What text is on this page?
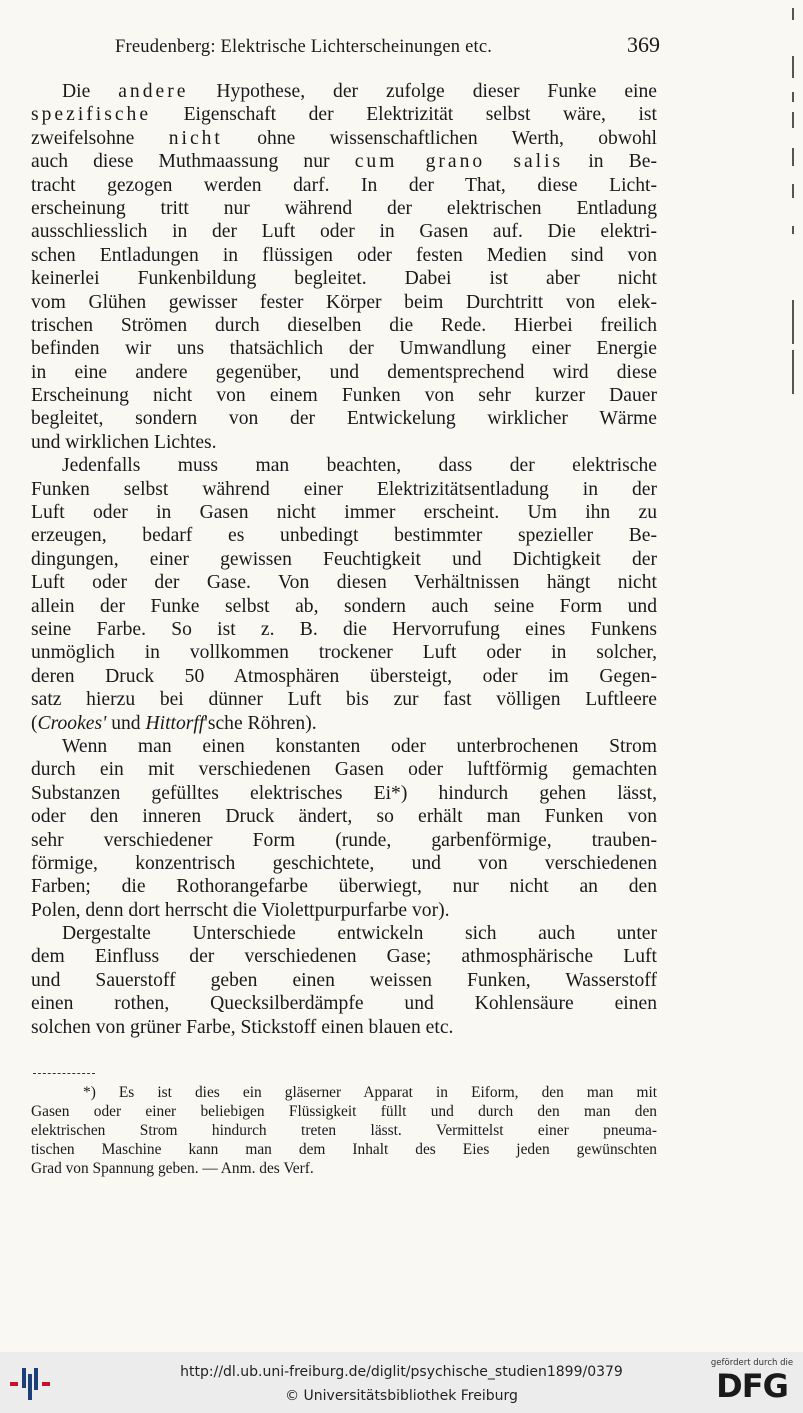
Freudenberg: Elektrische Lichterscheinungen etc.	369
Die andere Hypothese, der zufolge dieser Funke eine
spezifische Eigenschaft der Elektrizität selbst wäre, ist
zweifelsohne nicht ohne wissenschaftlichen Werth, obwohl
auch diese Muthmaassung nur cum grano salis in Be-
tracht gezogen werden darf. In der That, diese Licht-
erscheinung tritt nur während der elektrischen Entladung
ausschliesslich in der Luft oder in Gasen auf. Die elektri-
schen Entladungen in flüssigen oder festen Medien sind von
keinerlei Funkenbildung begleitet. Dabei ist aber nicht
vom Glühen gewisser fester Körper beim Durchtritt von elek-
trischen Strömen durch dieselben die Rede. Hierbei freilich
befinden wir uns thatsächlich der Umwandlung einer Energie
in eine andere gegenüber, und dementsprechend wird diese
Erscheinung nicht von einem Funken von sehr kurzer Dauer
begleitet, sondern von der Entwickelung wirklicher Wärme
und wirklichen Lichtes.
Jedenfalls muss man beachten, dass der elektrische
Funken selbst während einer Elektrizitätsentladung in der
Luft oder in Gasen nicht immer erscheint. Um ihn zu
erzeugen, bedarf es unbedingt bestimmter spezieller Be-
dingungen, einer gewissen Feuchtigkeit und Dichtigkeit der
Luft oder der Gase. Von diesen Verhältnissen hängt nicht
allein der Funke selbst ab, sondern auch seine Form und
seine Farbe. So ist z. B. die Hervorrufung eines Funkens
unmöglich in vollkommen trockener Luft oder in solcher,
deren Druck 50 Atmosphären übersteigt, oder im Gegen-
satz hierzu bei dünner Luft bis zur fast völligen Luftleere
(Crookes' und Hittorff'sche Röhren).
Wenn man einen konstanten oder unterbrochenen Strom
durch ein mit verschiedenen Gasen oder luftförmig gemachten
Substanzen gefülltes elektrisches Ei*) hindurch gehen lässt,
oder den inneren Druck ändert, so erhält man Funken von
sehr verschiedener Form (runde, garbenförmige, trauben-
förmige, konzentrisch geschichtete, und von verschiedenen
Farben; die Rothorangefarbe überwiegt, nur nicht an den
Polen, denn dort herrscht die Violettpurpurfarbe vor).
Dergestalte Unterschiede entwickeln sich auch unter
dem Einfluss der verschiedenen Gase; athmosphärische Luft
und Sauerstoff geben einen weissen Funken, Wasserstoff
einen rothen, Quecksilberdämpfe und Kohlensäure einen
solchen von grüner Farbe, Stickstoff einen blauen etc.
*) Es ist dies ein gläserner Apparat in Eiform, den man mit
Gasen oder einer beliebigen Flüssigkeit füllt und durch den man den
elektrischen Strom hindurch treten lässt. Vermittelst einer pneuma-
tischen Maschine kann man dem Inhalt des Eies jeden gewünschten
Grad von Spannung geben. — Anm. des Verf.
http://dl.ub.uni-freiburg.de/diglit/psychische_studien1899/0379
© Universitätsbibliothek Freiburg
gefördert durch die
DFG
